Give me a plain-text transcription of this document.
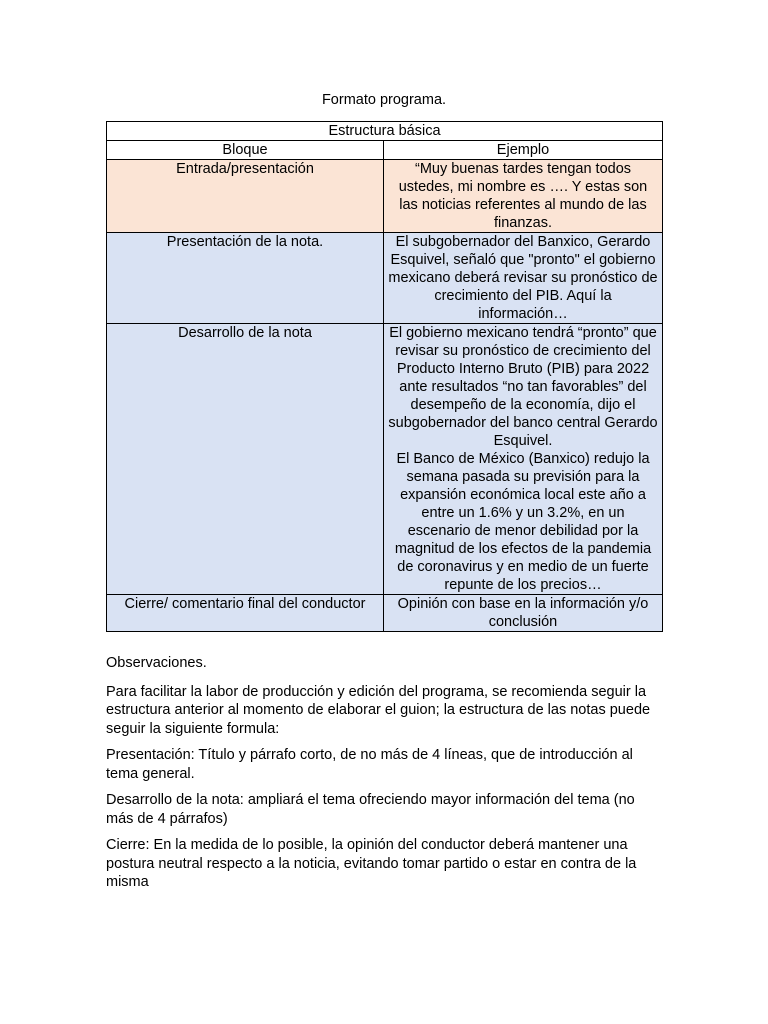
Formato programa.
Estructura básica	
Bloque	Ejemplo
Entrada/presentación	“Muy buenas tardes tengan todos ustedes, mi nombre es …. Y estas son las noticias referentes al mundo de las finanzas.
Presentación de la nota.	El subgobernador del Banxico, Gerardo Esquivel, señaló que "pronto" el gobierno mexicano deberá revisar su pronóstico de crecimiento del PIB. Aquí la información…
Desarrollo de la nota	El gobierno mexicano tendrá “pronto” que revisar su pronóstico de crecimiento del Producto Interno Bruto (PIB) para 2022 ante resultados “no tan favorables” del desempeño de la economía, dijo el subgobernador del banco central Gerardo Esquivel.
El Banco de México (Banxico) redujo la semana pasada su previsión para la expansión económica local este año a entre un 1.6% y un 3.2%, en un escenario de menor debilidad por la magnitud de los efectos de la pandemia de coronavirus y en medio de un fuerte repunte de los precios…

Cierre/ comentario final del conductor	Opinión con base en la información y/o conclusión

Observaciones.

Para facilitar la labor de producción y edición del programa, se recomienda seguir la estructura anterior al momento de elaborar el guion; la estructura de las notas puede seguir la siguiente formula:

Presentación: Título y párrafo corto, de no más de 4 líneas, que de introducción al tema general.

Desarrollo de la nota: ampliará el tema ofreciendo mayor información del tema (no más de 4 párrafos)

Cierre: En la medida de lo posible, la opinión del conductor deberá mantener una postura neutral respecto a la noticia, evitando tomar partido o estar en contra de la misma
